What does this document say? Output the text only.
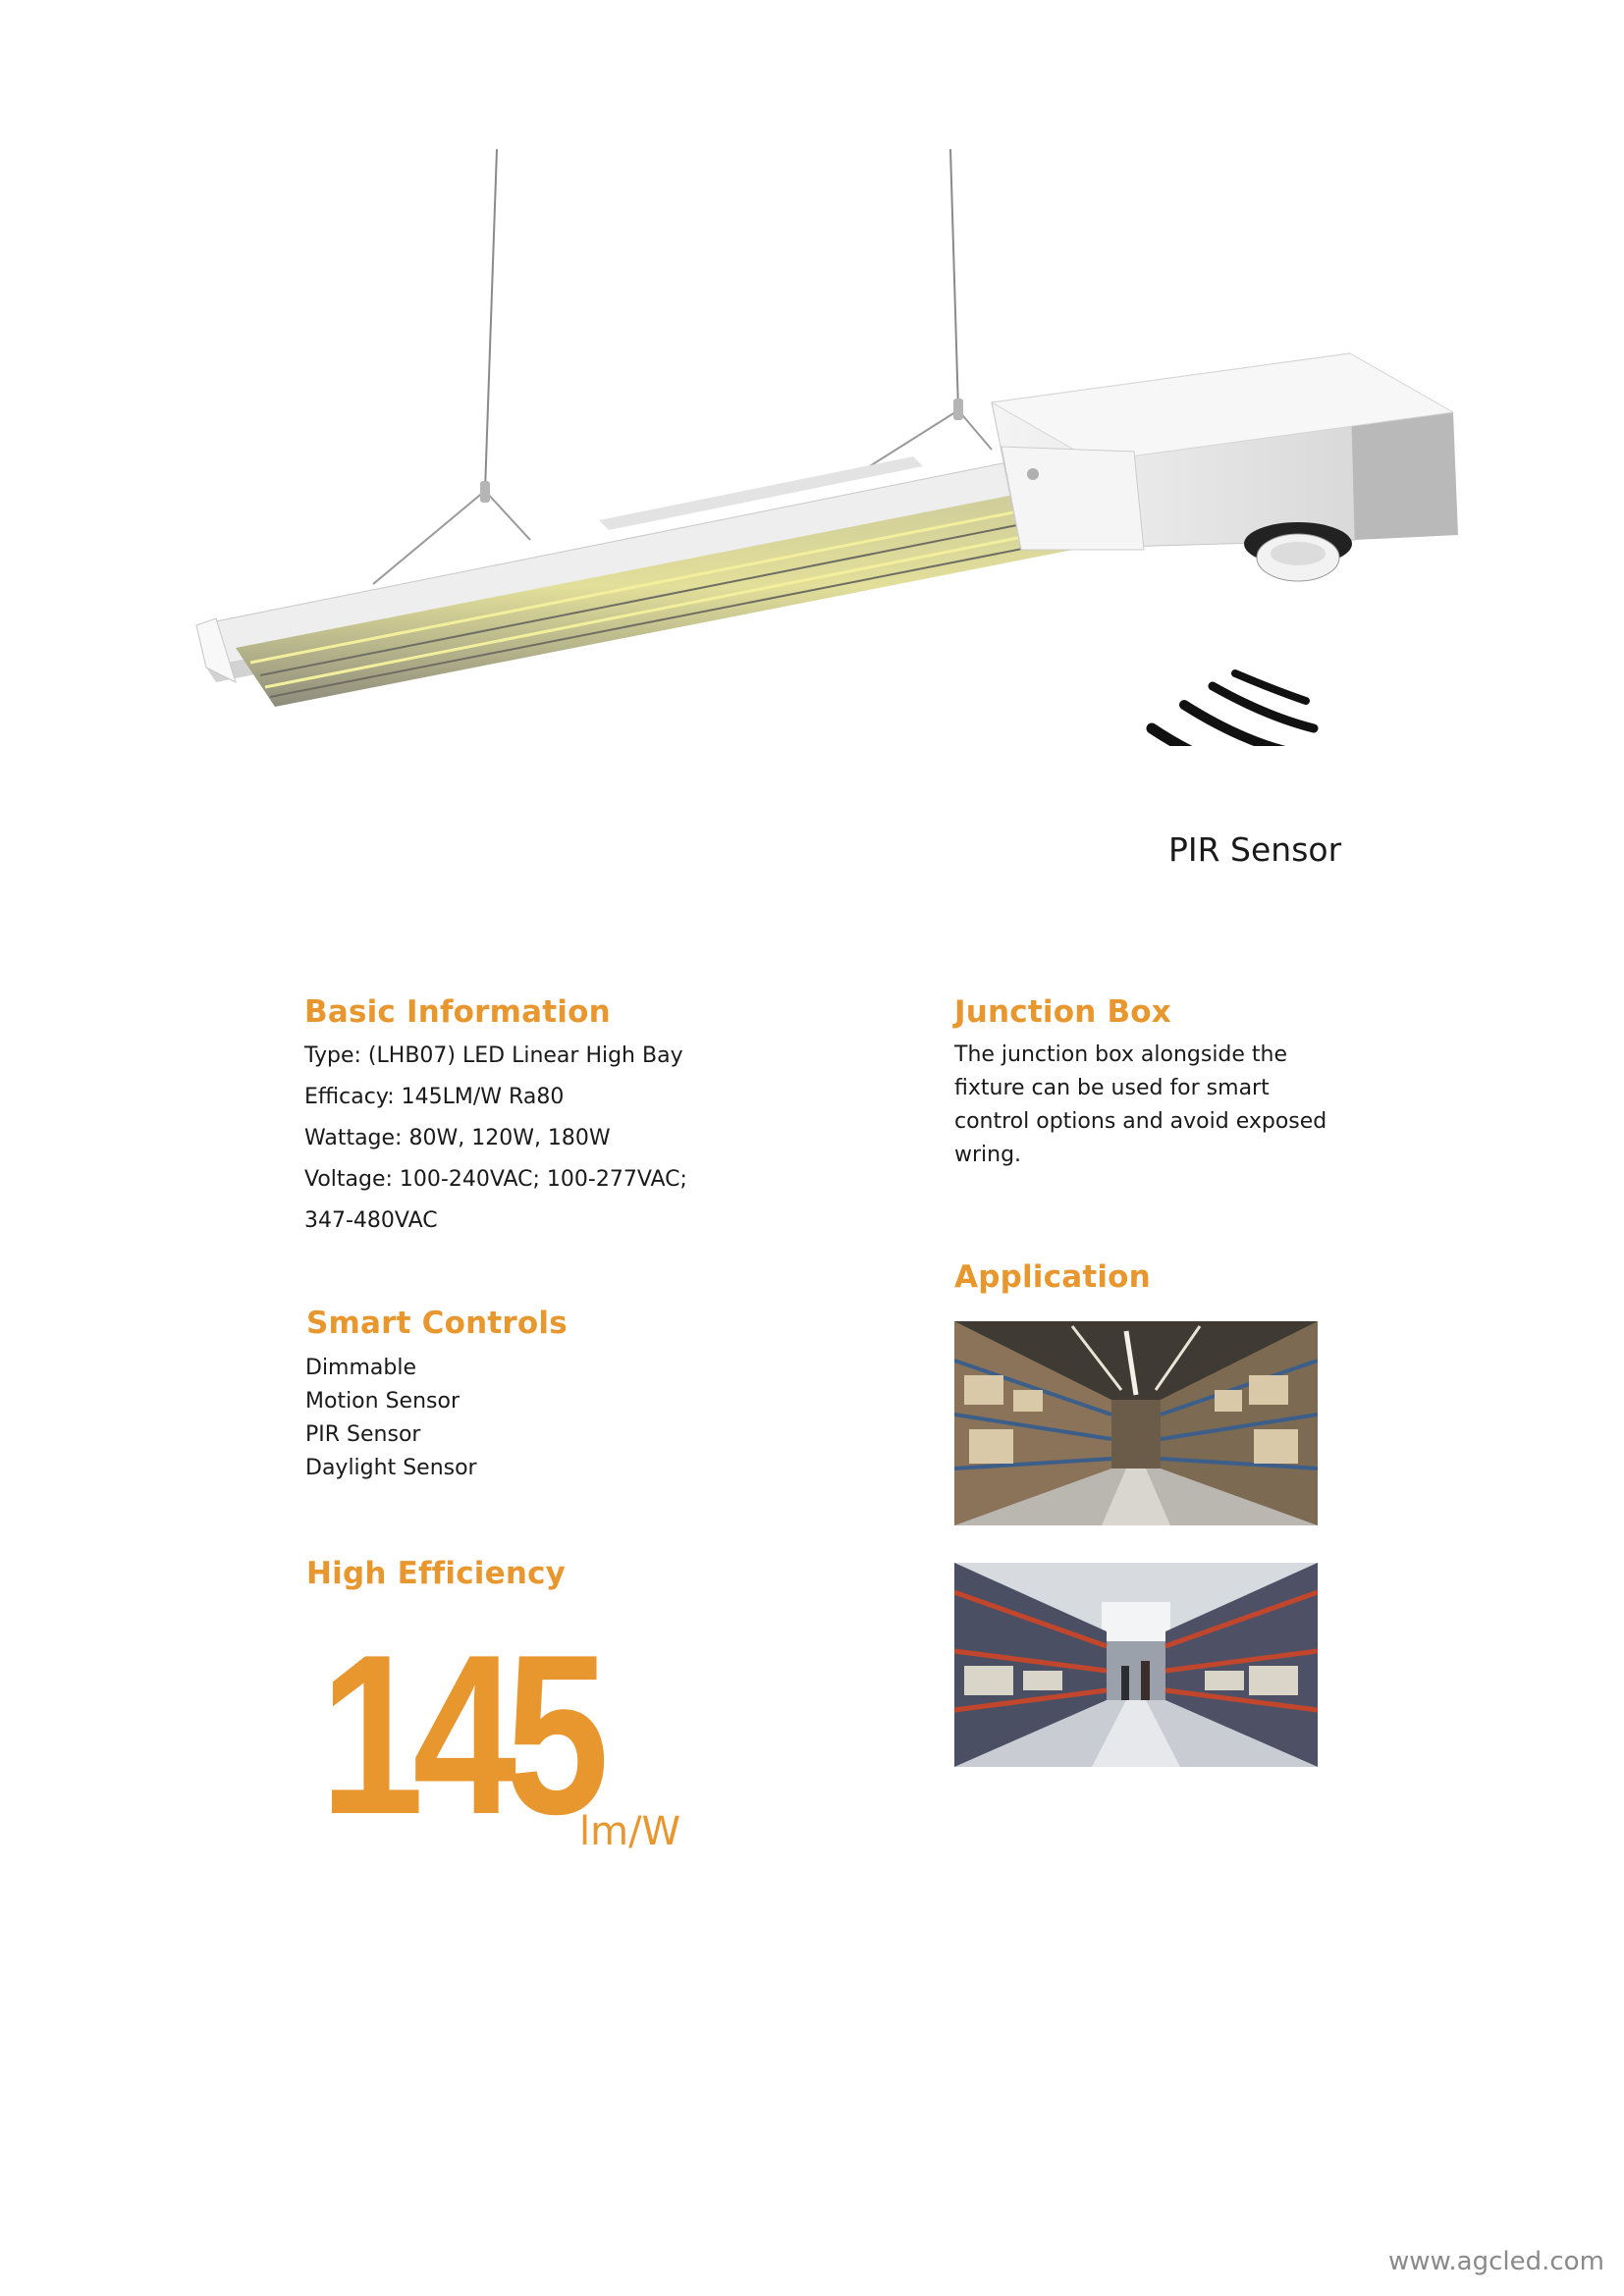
PIR Sensor
Basic Information
Type: (LHB07) LED Linear High Bay
Efficacy: 145LM/W Ra80
Wattage: 80W, 120W, 180W
Voltage: 100-240VAC; 100-277VAC;
347-480VAC
Junction Box
The junction box alongside the
fixture can be used for smart
control options and avoid exposed
wring.
Application
Smart Controls
Dimmable
Motion Sensor
PIR Sensor
Daylight Sensor
High Efficiency
145
lm/W
www.agcled.com
